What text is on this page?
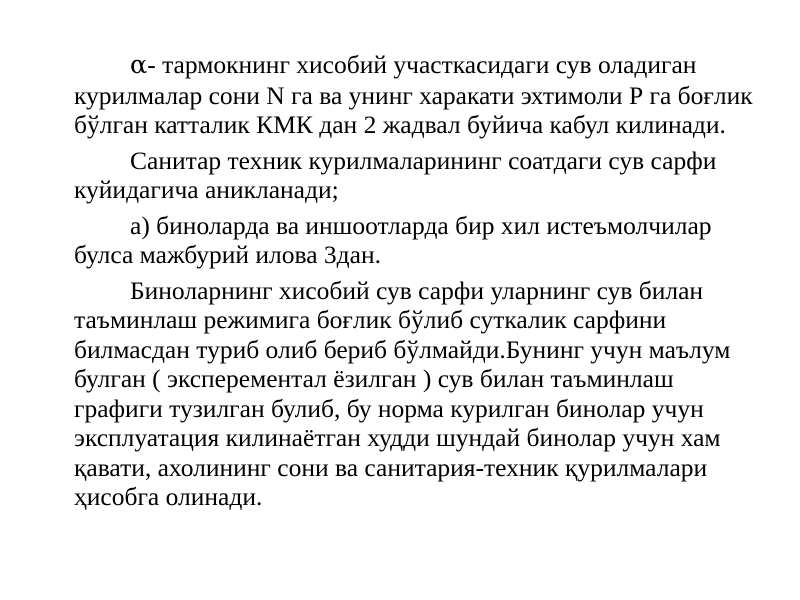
α- тармокнинг хисобий участкасидаги сув оладиган курилмалар сони N га ва унинг харакати эхтимоли Р га боғлик бўлган катталик КМК дан 2 жадвал буйича кабул килинади.

Санитар техник курилмаларининг соатдаги сув сарфи куйидагича аникланади;

а) биноларда ва иншоотларда бир хил истеъмолчилар булса мажбурий илова 3дан.

Биноларнинг хисобий сув сарфи уларнинг сув билан таъминлаш режимига боғлик бўлиб суткалик сарфини билмасдан туриб олиб бериб бўлмайди.Бунинг учун маълум булган ( эксперементал ёзилган ) сув билан таъминлаш графиги тузилган булиб, бу норма курилган бинолар учун эксплуатация килинаётган худди шундай бинолар учун хам қавати, ахолининг сони ва санитария-техник қурилмалари ҳисобга олинади.
